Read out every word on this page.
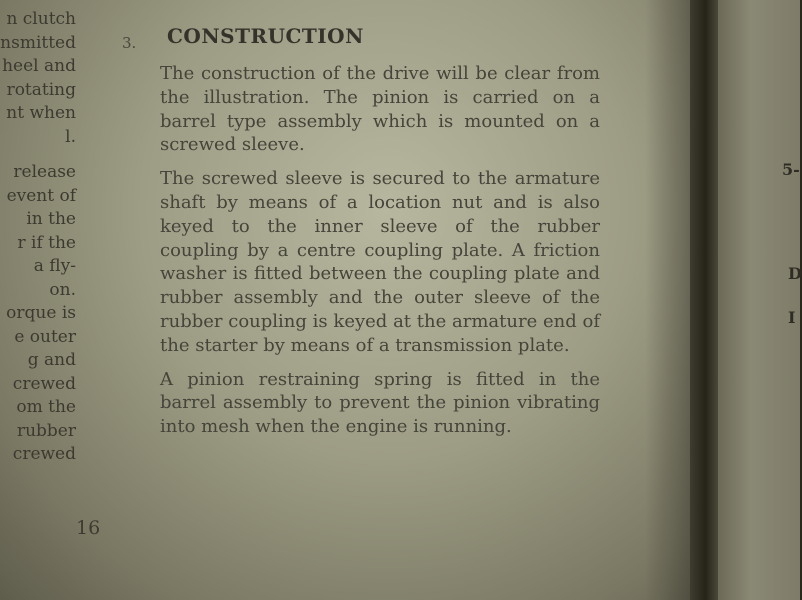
n clutch
nsmitted
heel and
rotating
nt when
l.
release
event of
in the
r if the
a fly-
on.
orque is
e outer
g and
crewed
om the
rubber
crewed
3. CONSTRUCTION

The construction of the drive will be clear from the illustration. The pinion is carried on a barrel type assembly which is mounted on a screwed sleeve.

The screwed sleeve is secured to the armature shaft by means of a location nut and is also keyed to the inner sleeve of the rubber coupling by a centre coupling plate. A friction washer is fitted between the coupling plate and rubber assembly and the outer sleeve of the rubber coupling is keyed at the armature end of the starter by means of a transmission plate.

A pinion restraining spring is fitted in the barrel assembly to prevent the pinion vibrating into mesh when the engine is running.

16
5-
D
I
